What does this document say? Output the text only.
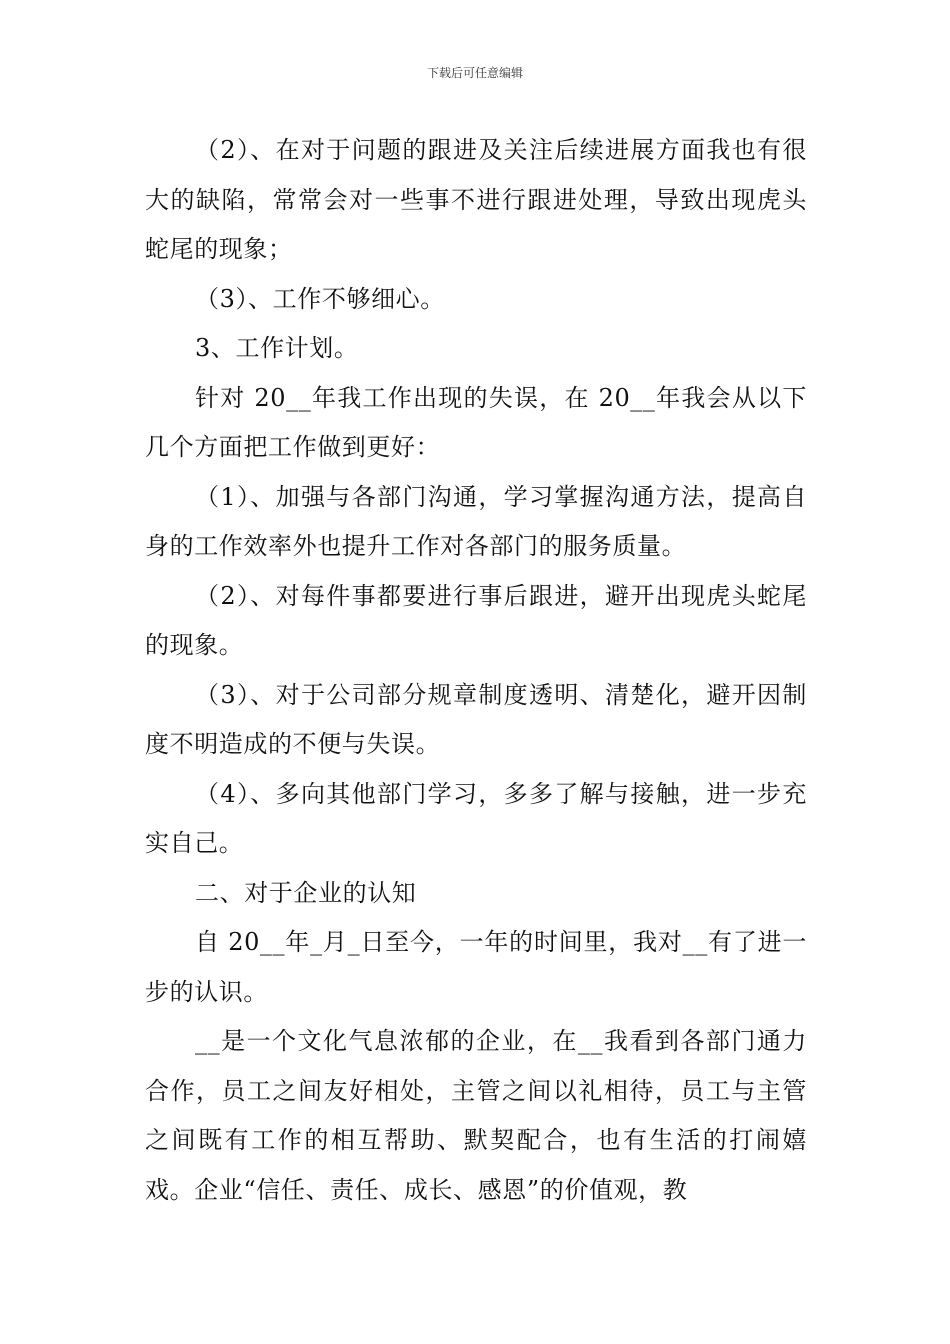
下载后可任意编辑

（2）、在对于问题的跟进及关注后续进展方面我也有很大的缺陷，常常会对一些事不进行跟进处理，导致出现虎头蛇尾的现象；

（3）、工作不够细心。

3、工作计划。

针对 20__年我工作出现的失误，在 20__年我会从以下几个方面把工作做到更好：

（1）、加强与各部门沟通，学习掌握沟通方法，提高自身的工作效率外也提升工作对各部门的服务质量。

（2）、对每件事都要进行事后跟进，避开出现虎头蛇尾的现象。

（3）、对于公司部分规章制度透明、清楚化，避开因制度不明造成的不便与失误。

（4）、多向其他部门学习，多多了解与接触，进一步充实自己。

二、对于企业的认知

自 20__年_月_日至今，一年的时间里，我对__有了进一步的认识。

__是一个文化气息浓郁的企业，在__我看到各部门通力合作，员工之间友好相处，主管之间以礼相待，员工与主管之间既有工作的相互帮助、默契配合，也有生活的打闹嬉戏。企业“信任、责任、成长、感恩”的价值观，教
